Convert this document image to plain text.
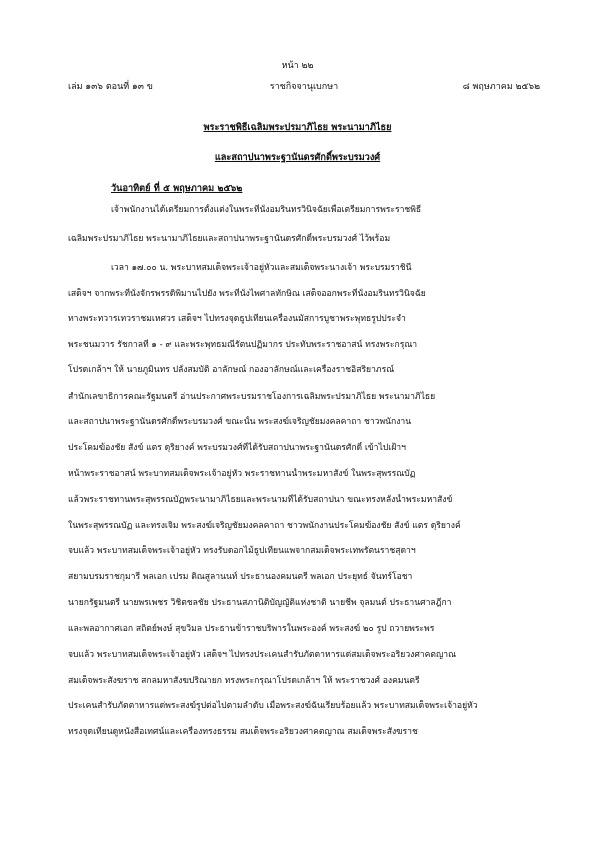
หน้า ๒๒
เล่ม ๑๓๖ ตอนที่ ๑๓ ข	ราชกิจจานุเบกษา	๘ พฤษภาคม ๒๕๖๒
พระราชพิธีเฉลิมพระปรมาภิไธย พระนามาภิไธย
และสถาปนาพระฐานันดรศักดิ์พระบรมวงศ์
วันอาทิตย์ ที่ ๕ พฤษภาคม ๒๕๖๒
เจ้าพนักงานได้เตรียมการตั้งแต่งในพระที่นั่งอมรินทรวินิจฉัยเพื่อเตรียมการพระราชพิธี
เฉลิมพระปรมาภิไธย พระนามาภิไธยและสถาปนาพระฐานันดรศักดิ์พระบรมวงศ์ ไว้พร้อม
เวลา ๑๗.๐๐ น. พระบาทสมเด็จพระเจ้าอยู่หัวและสมเด็จพระนางเจ้า พระบรมราชินี
เสด็จฯ จากพระที่นั่งจักรพรรดิพิมานไปยัง พระที่นั่งไพศาลทักษิณ เสด็จออกพระที่นั่งอมรินทรวินิจฉัย
ทางพระทวารเทวราชมเหศวร เสด็จฯ ไปทรงจุดธูปเทียนเครื่องนมัสการบูชาพระพุทธรูปประจำ
พระชนมวาร รัชกาลที่ ๑ - ๙ และพระพุทธมณีรัตนปฏิมากร ประทับพระราชอาสน์ ทรงพระกรุณา
โปรดเกล้าฯ ให้ นายภูมินทร ปลั่งสมบัติ อาลักษณ์ กองอาลักษณ์และเครื่องราชอิสริยาภรณ์
สำนักเลขาธิการคณะรัฐมนตรี อ่านประกาศพระบรมราชโองการเฉลิมพระปรมาภิไธย พระนามาภิไธย
และสถาปนาพระฐานันดรศักดิ์พระบรมวงศ์ ขณะนั้น พระสงฆ์เจริญชัยมงคลคาถา ชาวพนักงาน
ประโคมฆ้องชัย สังข์ แตร ดุริยางค์ พระบรมวงศ์ที่ได้รับสถาปนาพระฐานันดรศักดิ์ เข้าไปเฝ้าฯ
หน้าพระราชอาสน์ พระบาทสมเด็จพระเจ้าอยู่หัว พระราชทานน้ำพระมหาสังข์ ในพระสุพรรณบัฏ
แล้วพระราชทานพระสุพรรณบัฏพระนามาภิไธยและพระนามที่ได้รับสถาปนา ขณะทรงหลั่งน้ำพระมหาสังข์
ในพระสุพรรณบัฏ และทรงเจิม พระสงฆ์เจริญชัยมงคลคาถา ชาวพนักงานประโคมฆ้องชัย สังข์ แตร ดุริยางค์
จบแล้ว พระบาทสมเด็จพระเจ้าอยู่หัว ทรงรับดอกไม้ธูปเทียนแพจากสมเด็จพระเทพรัตนราชสุดาฯ
สยามบรมราชกุมารี พลเอก เปรม ติณสูลานนท์ ประธานองคมนตรี พลเอก ประยุทธ์ จันทร์โอชา
นายกรัฐมนตรี นายพรเพชร วิชิตชลชัย ประธานสภานิติบัญญัติแห่งชาติ นายชีพ จุลมนต์ ประธานศาลฎีกา
และพลอากาศเอก สถิตย์พงษ์ สุขวิมล ประธานข้าราชบริพารในพระองค์ พระสงฆ์ ๒๐ รูป ถวายพระพร
จบแล้ว พระบาทสมเด็จพระเจ้าอยู่หัว เสด็จฯ ไปทรงประเคนสำรับภัตตาหารแด่สมเด็จพระอริยวงศาคตญาณ
สมเด็จพระสังฆราช สกลมหาสังฆปริณายก ทรงพระกรุณาโปรดเกล้าฯ ให้ พระราชวงศ์ องคมนตรี
ประเคนสำรับภัตตาหารแด่พระสงฆ์รูปต่อไปตามลำดับ เมื่อพระสงฆ์ฉันเรียบร้อยแล้ว พระบาทสมเด็จพระเจ้าอยู่หัว
ทรงจุดเทียนดูหนังสือเทศน์และเครื่องทรงธรรม สมเด็จพระอริยวงศาคตญาณ สมเด็จพระสังฆราช
